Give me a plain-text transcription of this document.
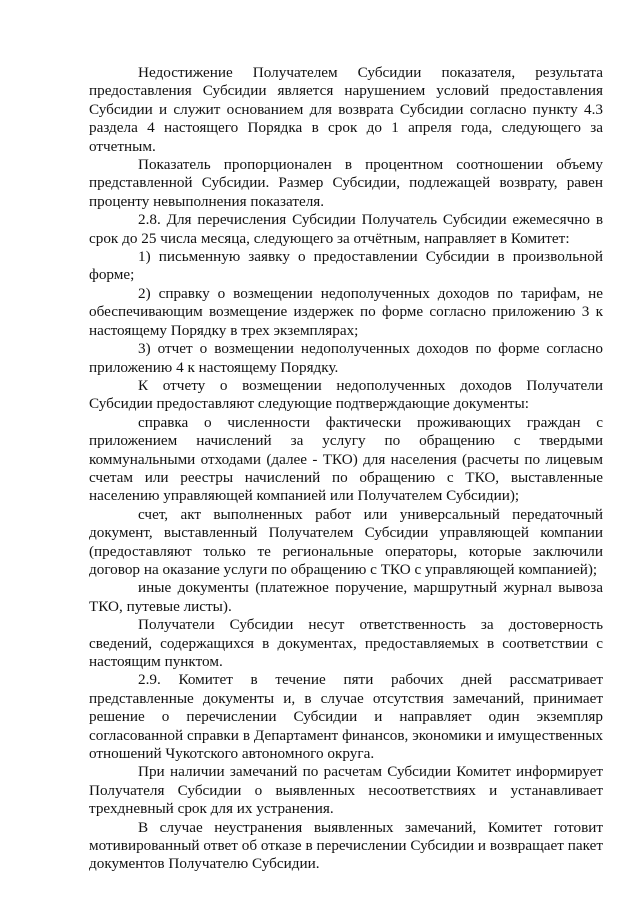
Недостижение Получателем Субсидии показателя, результата предоставления Субсидии является нарушением условий предоставления Субсидии и служит основанием для возврата Субсидии согласно пункту 4.3 раздела 4 настоящего Порядка в срок до 1 апреля года, следующего за отчетным.

Показатель пропорционален в процентном соотношении объему представленной Субсидии. Размер Субсидии, подлежащей возврату, равен проценту невыполнения показателя.

2.8. Для перечисления Субсидии Получатель Субсидии ежемесячно в срок до 25 числа месяца, следующего за отчётным, направляет в Комитет:

1) письменную заявку о предоставлении Субсидии в произвольной форме;

2) справку о возмещении недополученных доходов по тарифам, не обеспечивающим возмещение издержек по форме согласно приложению 3 к настоящему Порядку в трех экземплярах;

3) отчет о возмещении недополученных доходов по форме согласно приложению 4 к настоящему Порядку.

К отчету о возмещении недополученных доходов Получатели Субсидии предоставляют следующие подтверждающие документы:

справка о численности фактически проживающих граждан с приложением начислений за услугу по обращению с твердыми коммунальными отходами (далее - ТКО) для населения (расчеты по лицевым счетам или реестры начислений по обращению с ТКО, выставленные населению управляющей компанией или Получателем Субсидии);

счет, акт выполненных работ или универсальный передаточный документ, выставленный Получателем Субсидии управляющей компании (предоставляют только те региональные операторы, которые заключили договор на оказание услуги по обращению с ТКО с управляющей компанией);

иные документы (платежное поручение, маршрутный журнал вывоза ТКО, путевые листы).

Получатели Субсидии несут ответственность за достоверность сведений, содержащихся в документах, предоставляемых в соответствии с настоящим пунктом.

2.9. Комитет в течение пяти рабочих дней рассматривает представленные документы и, в случае отсутствия замечаний, принимает решение о перечислении Субсидии и направляет один экземпляр согласованной справки в Департамент финансов, экономики и имущественных отношений Чукотского автономного округа.

При наличии замечаний по расчетам Субсидии Комитет информирует Получателя Субсидии о выявленных несоответствиях и устанавливает трехдневный срок для их устранения.

В случае неустранения выявленных замечаний, Комитет готовит мотивированный ответ об отказе в перечислении Субсидии и возвращает пакет документов Получателю Субсидии.
